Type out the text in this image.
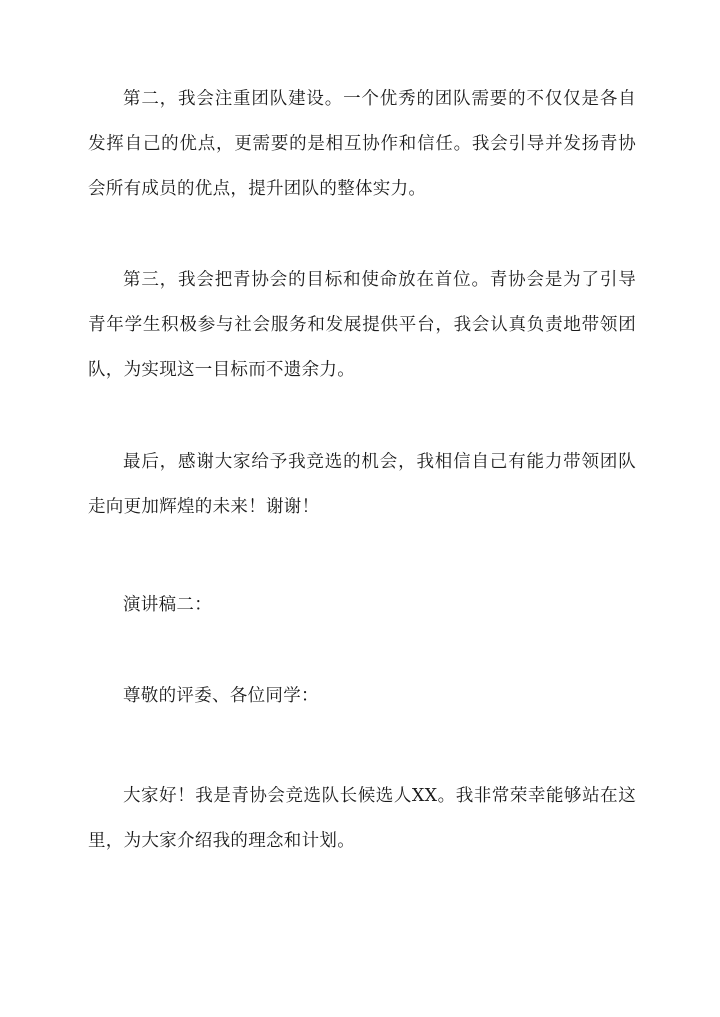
第二，我会注重团队建设。一个优秀的团队需要的不仅仅是各自发挥自己的优点，更需要的是相互协作和信任。我会引导并发扬青协会所有成员的优点，提升团队的整体实力。

第三，我会把青协会的目标和使命放在首位。青协会是为了引导青年学生积极参与社会服务和发展提供平台，我会认真负责地带领团队，为实现这一目标而不遗余力。

最后，感谢大家给予我竞选的机会，我相信自己有能力带领团队走向更加辉煌的未来！谢谢！

演讲稿二：

尊敬的评委、各位同学：

大家好！我是青协会竞选队长候选人XX。我非常荣幸能够站在这里，为大家介绍我的理念和计划。
